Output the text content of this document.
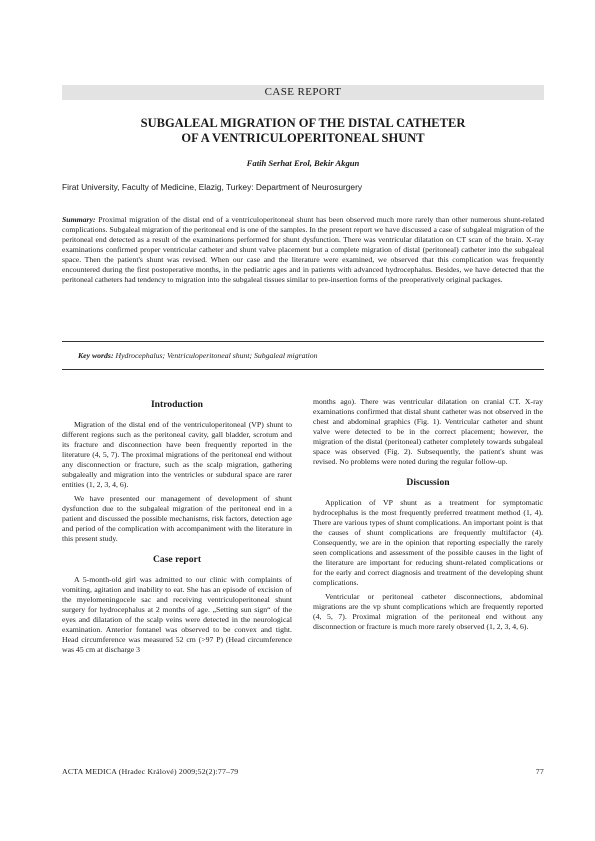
CASE REPORT
SUBGALEAL MIGRATION OF THE DISTAL CATHETER
OF A VENTRICULOPERITONEAL SHUNT
Fatih Serhat Erol, Bekir Akgun
Firat University, Faculty of Medicine, Elazig, Turkey: Department of Neurosurgery
Summary: Proximal migration of the distal end of a ventriculoperitoneal shunt has been observed much more rarely than other numerous shunt-related complications. Subgaleal migration of the peritoneal end is one of the samples. In the present report we have discussed a case of subgaleal migration of the peritoneal end detected as a result of the examinations performed for shunt dysfunction. There was ventricular dilatation on CT scan of the brain. X-ray examinations confirmed proper ventricular catheter and shunt valve placement but a complete migration of distal (peritoneal) catheter into the subgaleal space. Then the patient's shunt was revised. When our case and the literature were examined, we observed that this complication was frequently encountered during the first postoperative months, in the pediatric ages and in patients with advanced hydrocephalus. Besides, we have detected that the peritoneal catheters had tendency to migration into the subgaleal tissues similar to pre-insertion forms of the preoperatively original packages.
Key words: Hydrocephalus; Ventriculoperitoneal shunt; Subgaleal migration
Introduction

Migration of the distal end of the ventriculoperitoneal (VP) shunt to different regions such as the peritoneal cavity, gall bladder, scrotum and its fracture and disconnection have been frequently reported in the literature (4, 5, 7). The proximal migrations of the peritoneal end without any disconnection or fracture, such as the scalp migration, gathering subgaleally and migration into the ventricles or subdural space are rarer entities (1, 2, 3, 4, 6).

We have presented our management of development of shunt dysfunction due to the subgaleal migration of the peritoneal end in a patient and discussed the possible mechanisms, risk factors, detection age and period of the complication with accompaniment with the literature in this present study.

Case report

A 5-month-old girl was admitted to our clinic with complaints of vomiting, agitation and inability to eat. She has an episode of excision of the myelomeningocele sac and receiving ventriculoperitoneal shunt surgery for hydrocephalus at 2 months of age. „Setting sun sign“ of the eyes and dilatation of the scalp veins were detected in the neurological examination. Anterior fontanel was observed to be convex and tight. Head circumference was measured 52 cm (>97 P) (Head circumference was 45 cm at discharge 3

months ago). There was ventricular dilatation on cranial CT. X-ray examinations confirmed that distal shunt catheter was not observed in the chest and abdominal graphics (Fig. 1). Ventricular catheter and shunt valve were detected to be in the correct placement; however, the migration of the distal (peritoneal) catheter completely towards subgaleal space was observed (Fig. 2). Subsequently, the patient's shunt was revised. No problems were noted during the regular follow-up.

Discussion

Application of VP shunt as a treatment for symptomatic hydrocephalus is the most frequently preferred treatment method (1, 4). There are various types of shunt complications. An important point is that the causes of shunt complications are frequently multifactor (4). Consequently, we are in the opinion that reporting especially the rarely seen complications and assessment of the possible causes in the light of the literature are important for reducing shunt-related complications or for the early and correct diagnosis and treatment of the developing shunt complications.

Ventricular or peritoneal catheter disconnections, abdominal migrations are the vp shunt complications which are frequently reported (4, 5, 7). Proximal migration of the peritoneal end without any disconnection or fracture is much more rarely observed (1, 2, 3, 4, 6).

ACTA MEDICA (Hradec Králové) 2009;52(2):77–79	77
